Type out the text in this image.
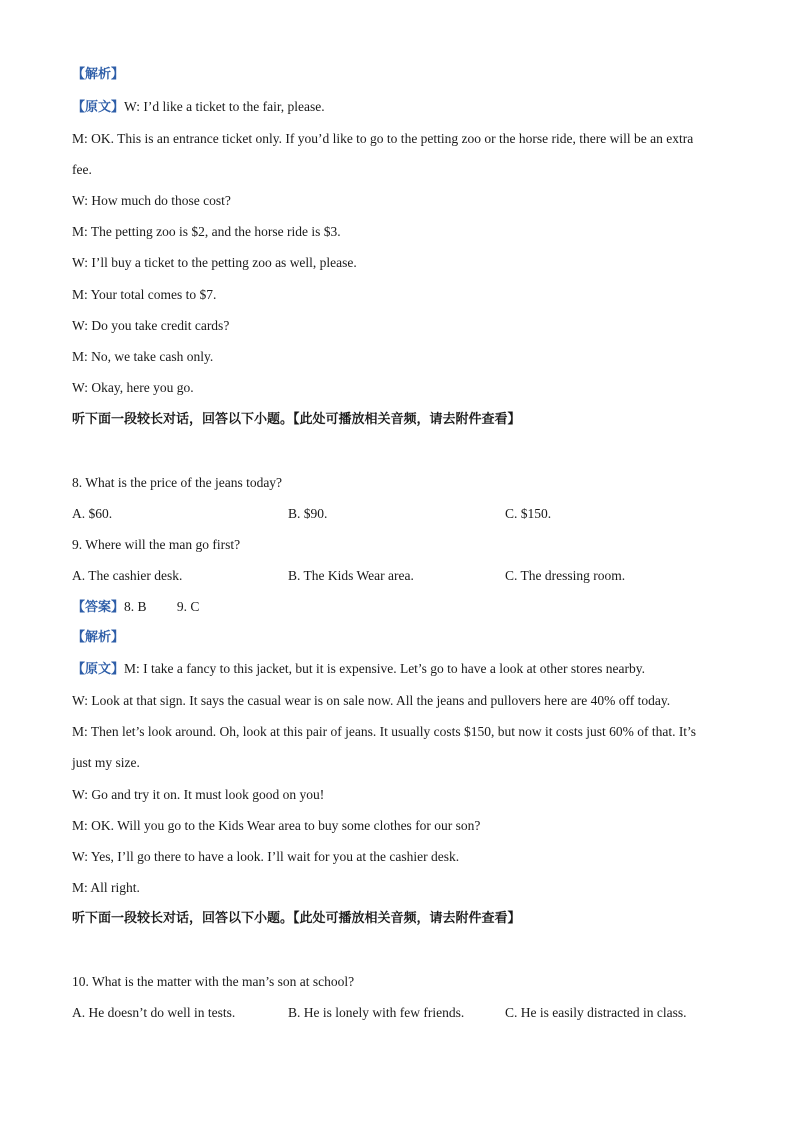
【解析】
【原文】W: I’d like a ticket to the fair, please.
M: OK. This is an entrance ticket only. If you’d like to go to the petting zoo or the horse ride, there will be an extra
fee.
W: How much do those cost?
M: The petting zoo is $2, and the horse ride is $3.
W: I’ll buy a ticket to the petting zoo as well, please.
M: Your total comes to $7.
W: Do you take credit cards?
M: No, we take cash only.
W: Okay, here you go.
听下面一段较长对话，回答以下小题。【此处可播放相关音频，请去附件查看】
8. What is the price of the jeans today?
A. $60.	B. $90.	C. $150.
9. Where will the man go first?
A. The cashier desk.	B. The Kids Wear area.	C. The dressing room.
【答案】8. B　　 9. C
【解析】
【原文】M: I take a fancy to this jacket, but it is expensive. Let’s go to have a look at other stores nearby.
W: Look at that sign. It says the casual wear is on sale now. All the jeans and pullovers here are 40% off today.
M: Then let’s look around. Oh, look at this pair of jeans. It usually costs $150, but now it costs just 60% of that. It’s
just my size.
W: Go and try it on. It must look good on you!
M: OK. Will you go to the Kids Wear area to buy some clothes for our son?
W: Yes, I’ll go there to have a look. I’ll wait for you at the cashier desk.
M: All right.
听下面一段较长对话，回答以下小题。【此处可播放相关音频，请去附件查看】
10. What is the matter with the man’s son at school?
A. He doesn’t do well in tests.	B. He is lonely with few friends.	C. He is easily distracted in class.
